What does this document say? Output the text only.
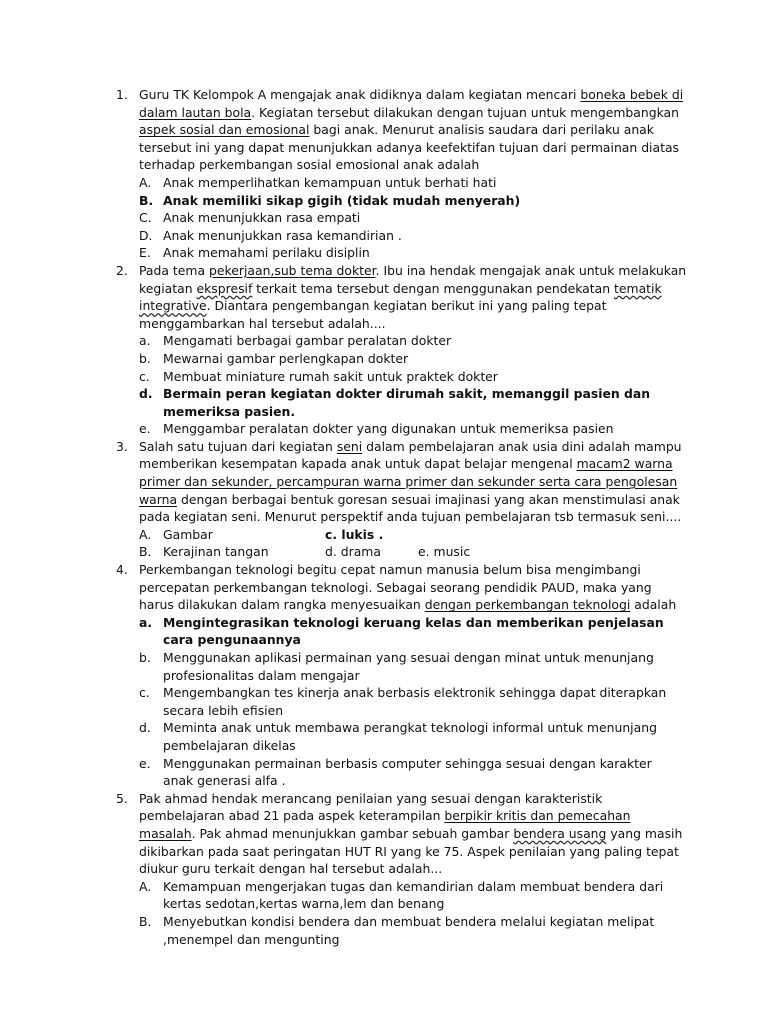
1. Guru TK Kelompok A mengajak anak didiknya dalam kegiatan mencari boneka bebek di dalam lautan bola. Kegiatan tersebut dilakukan dengan tujuan untuk mengembangkan aspek sosial dan emosional bagi anak. Menurut analisis saudara dari perilaku anak tersebut ini yang dapat menunjukkan adanya keefektifan tujuan dari permainan diatas terhadap perkembangan sosial emosional anak adalah
A. Anak memperlihatkan kemampuan untuk berhati hati
B. Anak memiliki sikap gigih (tidak mudah menyerah)
C. Anak menunjukkan rasa empati
D. Anak menunjukkan rasa kemandirian .
E. Anak memahami perilaku disiplin
2. Pada tema pekerjaan,sub tema dokter. Ibu ina hendak mengajak anak untuk melakukan kegiatan ekspresif terkait tema tersebut dengan menggunakan pendekatan tematik integrative. Diantara pengembangan kegiatan berikut ini yang paling tepat menggambarkan hal tersebut adalah....
a. Mengamati berbagai gambar peralatan dokter
b. Mewarnai gambar perlengkapan dokter
c. Membuat miniature rumah sakit untuk praktek dokter
d. Bermain peran kegiatan dokter dirumah sakit, memanggil pasien dan memeriksa pasien.
e. Menggambar peralatan dokter yang digunakan untuk memeriksa pasien
3. Salah satu tujuan dari kegiatan seni dalam pembelajaran anak usia dini adalah mampu memberikan kesempatan kapada anak untuk dapat belajar mengenal macam2 warna primer dan sekunder, percampuran warna primer dan sekunder serta cara pengolesan warna dengan berbagai bentuk goresan sesuai imajinasi yang akan menstimulasi anak pada kegiatan seni. Menurut perspektif anda tujuan pembelajaran tsb termasuk seni....
A. Gambar	c. lukis .
B. Kerajinan tangan	d. drama	e. music
4. Perkembangan teknologi begitu cepat namun manusia belum bisa mengimbangi percepatan perkembangan teknologi. Sebagai seorang pendidik PAUD, maka yang harus dilakukan dalam rangka menyesuaikan dengan perkembangan teknologi adalah
a. Mengintegrasikan teknologi keruang kelas dan memberikan penjelasan cara pengunaannya
b. Menggunakan aplikasi permainan yang sesuai dengan minat untuk menunjang profesionalitas dalam mengajar
c. Mengembangkan tes kinerja anak berbasis elektronik sehingga dapat diterapkan secara lebih efisien
d. Meminta anak untuk membawa perangkat teknologi informal untuk menunjang pembelajaran dikelas
e. Menggunakan permainan berbasis computer sehingga sesuai dengan karakter anak generasi alfa .
5. Pak ahmad hendak merancang penilaian yang sesuai dengan karakteristik pembelajaran abad 21 pada aspek keterampilan berpikir kritis dan pemecahan masalah. Pak ahmad menunjukkan gambar sebuah gambar bendera usang yang masih dikibarkan pada saat peringatan HUT RI yang ke 75. Aspek penilaian yang paling tepat diukur guru terkait dengan hal tersebut adalah...
A. Kemampuan mengerjakan tugas dan kemandirian dalam membuat bendera dari kertas sedotan,kertas warna,lem dan benang
B. Menyebutkan kondisi bendera dan membuat bendera melalui kegiatan melipat ,menempel dan mengunting
